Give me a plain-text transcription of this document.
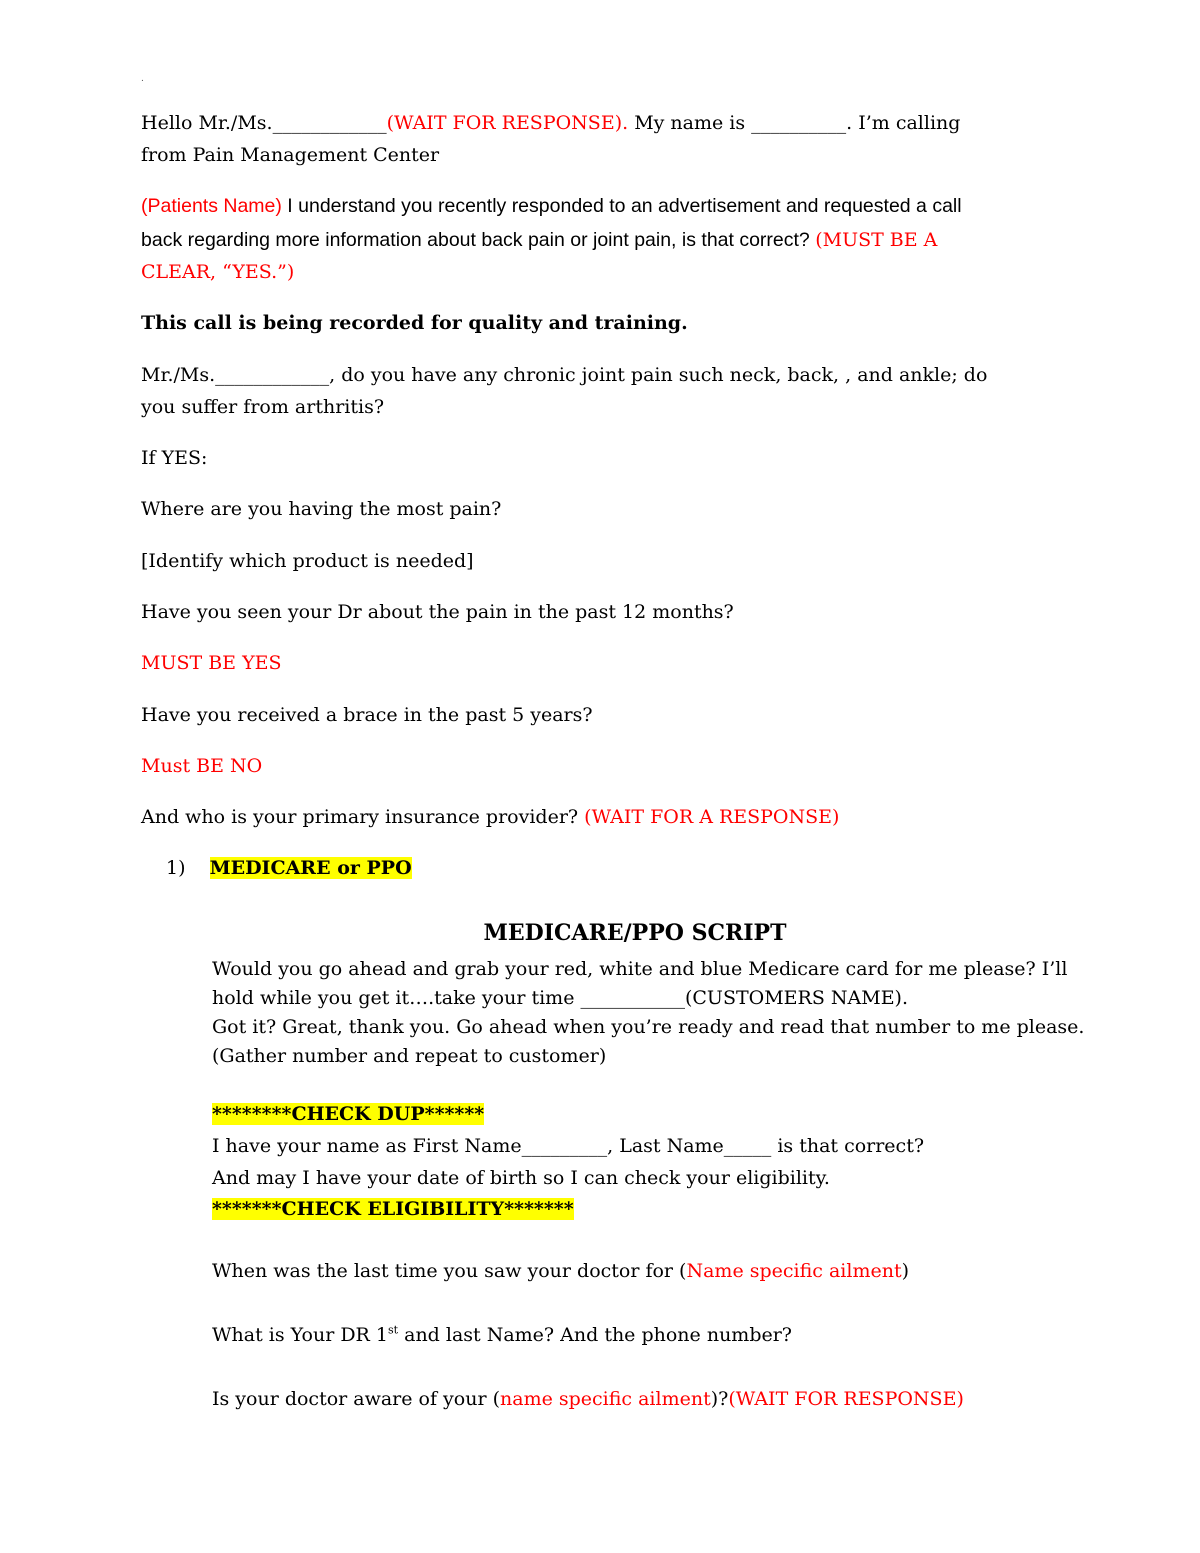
.
Hello Mr./Ms.____________(WAIT FOR RESPONSE). My name is __________. I’m calling
from Pain Management Center
(Patients Name) I understand you recently responded to an advertisement and requested a call
back regarding more information about back pain or joint pain, is that correct? (MUST BE A
CLEAR, “YES.”)
This call is being recorded for quality and training.
Mr./Ms.____________, do you have any chronic joint pain such neck, back, , and ankle; do
you suffer from arthritis?
If YES:
Where are you having the most pain?
[Identify which product is needed]
Have you seen your Dr about the pain in the past 12 months?
MUST BE YES
Have you received a brace in the past 5 years?
Must BE NO
And who is your primary insurance provider? (WAIT FOR A RESPONSE)
1) MEDICARE or PPO
MEDICARE/PPO SCRIPT
Would you go ahead and grab your red, white and blue Medicare card for me please? I’ll
hold while you get it….take your time ___________(CUSTOMERS NAME).
Got it? Great, thank you. Go ahead when you’re ready and read that number to me please.
(Gather number and repeat to customer)
********CHECK DUP******
I have your name as First Name_________, Last Name_____ is that correct?
And may I have your date of birth so I can check your eligibility.
*******CHECK ELIGIBILITY*******
When was the last time you saw your doctor for (Name specific ailment)
What is Your DR 1st and last Name? And the phone number?
Is your doctor aware of your (name specific ailment)?(WAIT FOR RESPONSE)
